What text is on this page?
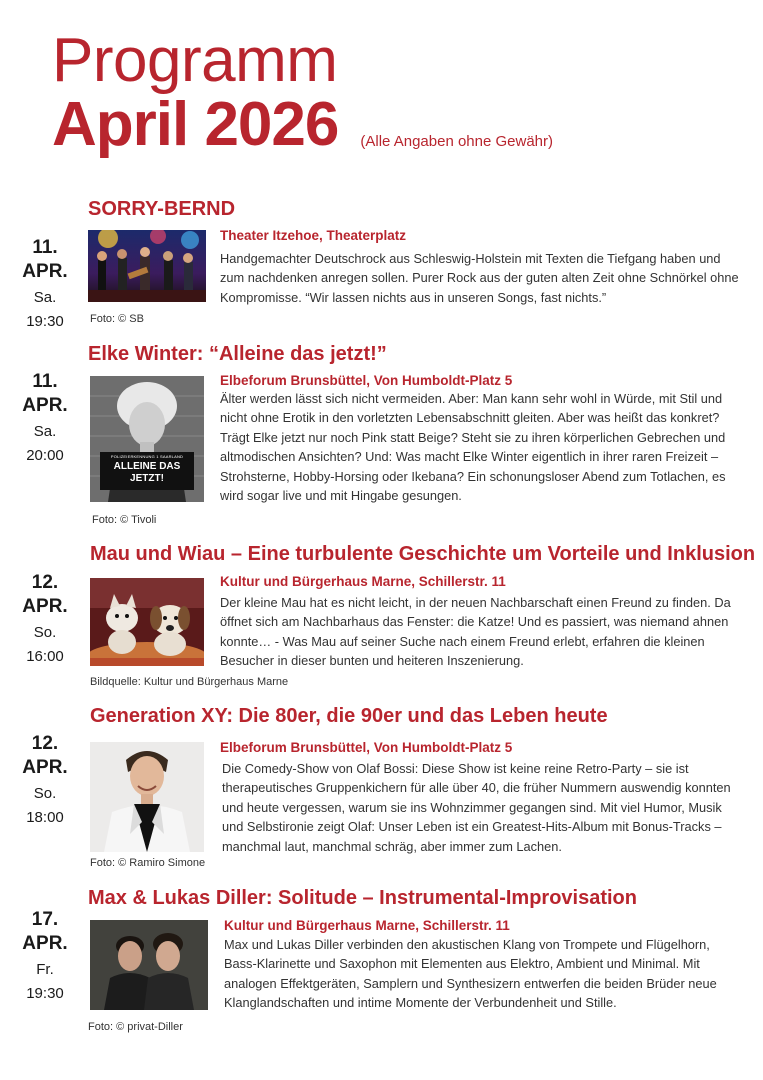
Programm
April 2026 (Alle Angaben ohne Gewähr)
SORRY-BERND
11.
APR.
Sa.
19:30	Foto: © SB
Theater Itzehoe, Theaterplatz
Handgemachter Deutschrock aus Schleswig-Holstein mit Texten die Tiefgang haben und zum nachdenken anregen sollen. Purer Rock aus der guten alten Zeit ohne Schnörkel ohne Kompromisse. “Wir lassen nichts aus in unseren Songs, fast nichts.”
Elke Winter: “Alleine das jetzt!”
11.
APR.
Sa.
20:00	POLIZEIERKENNUNG 1 SAARLAND
ALLEINE DAS JETZT!
Foto: © Tivoli
Elbeforum Brunsbüttel, Von Humboldt-Platz 5
Älter werden lässt sich nicht vermeiden. Aber: Man kann sehr wohl in Würde, mit Stil und nicht ohne Erotik in den vorletzten Lebensabschnitt gleiten. Aber was heißt das konkret? Trägt Elke jetzt nur noch Pink statt Beige? Steht sie zu ihren körperlichen Gebrechen und altmodischen Ansichten? Und: Was macht Elke Winter eigentlich in ihrer raren Freizeit – Strohsterne, Hobby-Horsing oder Ikebana? Ein schonungsloser Abend zum Totlachen, es wird sogar live und mit Hingabe gesungen.
Mau und Wiau – Eine turbulente Geschichte um Vorteile und Inklusion
12.
APR.
So.
16:00
Bildquelle: Kultur und Bürgerhaus Marne
Kultur und Bürgerhaus Marne, Schillerstr. 11
Der kleine Mau hat es nicht leicht, in der neuen Nachbarschaft einen Freund zu finden. Da öffnet sich am Nachbarhaus das Fenster: die Katze! Und es passiert, was niemand ahnen konnte… - Was Mau auf seiner Suche nach einem Freund erlebt, erfahren die kleinen Besucher in dieser bunten und heiteren Inszenierung.
Generation XY: Die 80er, die 90er und das Leben heute
12.
APR.
So.
18:00
Foto: © Ramiro Simone
Elbeforum Brunsbüttel, Von Humboldt-Platz 5
Die Comedy-Show von Olaf Bossi: Diese Show ist keine reine Retro-Party – sie ist therapeutisches Gruppenkichern für alle über 40, die früher Nummern auswendig konnten und heute vergessen, warum sie ins Wohnzimmer gegangen sind. Mit viel Humor, Musik und Selbstironie zeigt Olaf: Unser Leben ist ein Greatest-Hits-Album mit Bonus-Tracks – manchmal laut, manchmal schräg, aber immer zum Lachen.
Max & Lukas Diller: Solitude – Instrumental-Improvisation
17.
APR.
Fr.
19:30
Foto: © privat-Diller
Kultur und Bürgerhaus Marne, Schillerstr. 11
Max und Lukas Diller verbinden den akustischen Klang von Trompete und Flügelhorn, Bass-Klarinette und Saxophon mit Elementen aus Elektro, Ambient und Minimal. Mit analogen Effektgeräten, Samplern und Synthesizern entwerfen die beiden Brüder neue Klanglandschaften und intime Momente der Verbundenheit und Stille.
